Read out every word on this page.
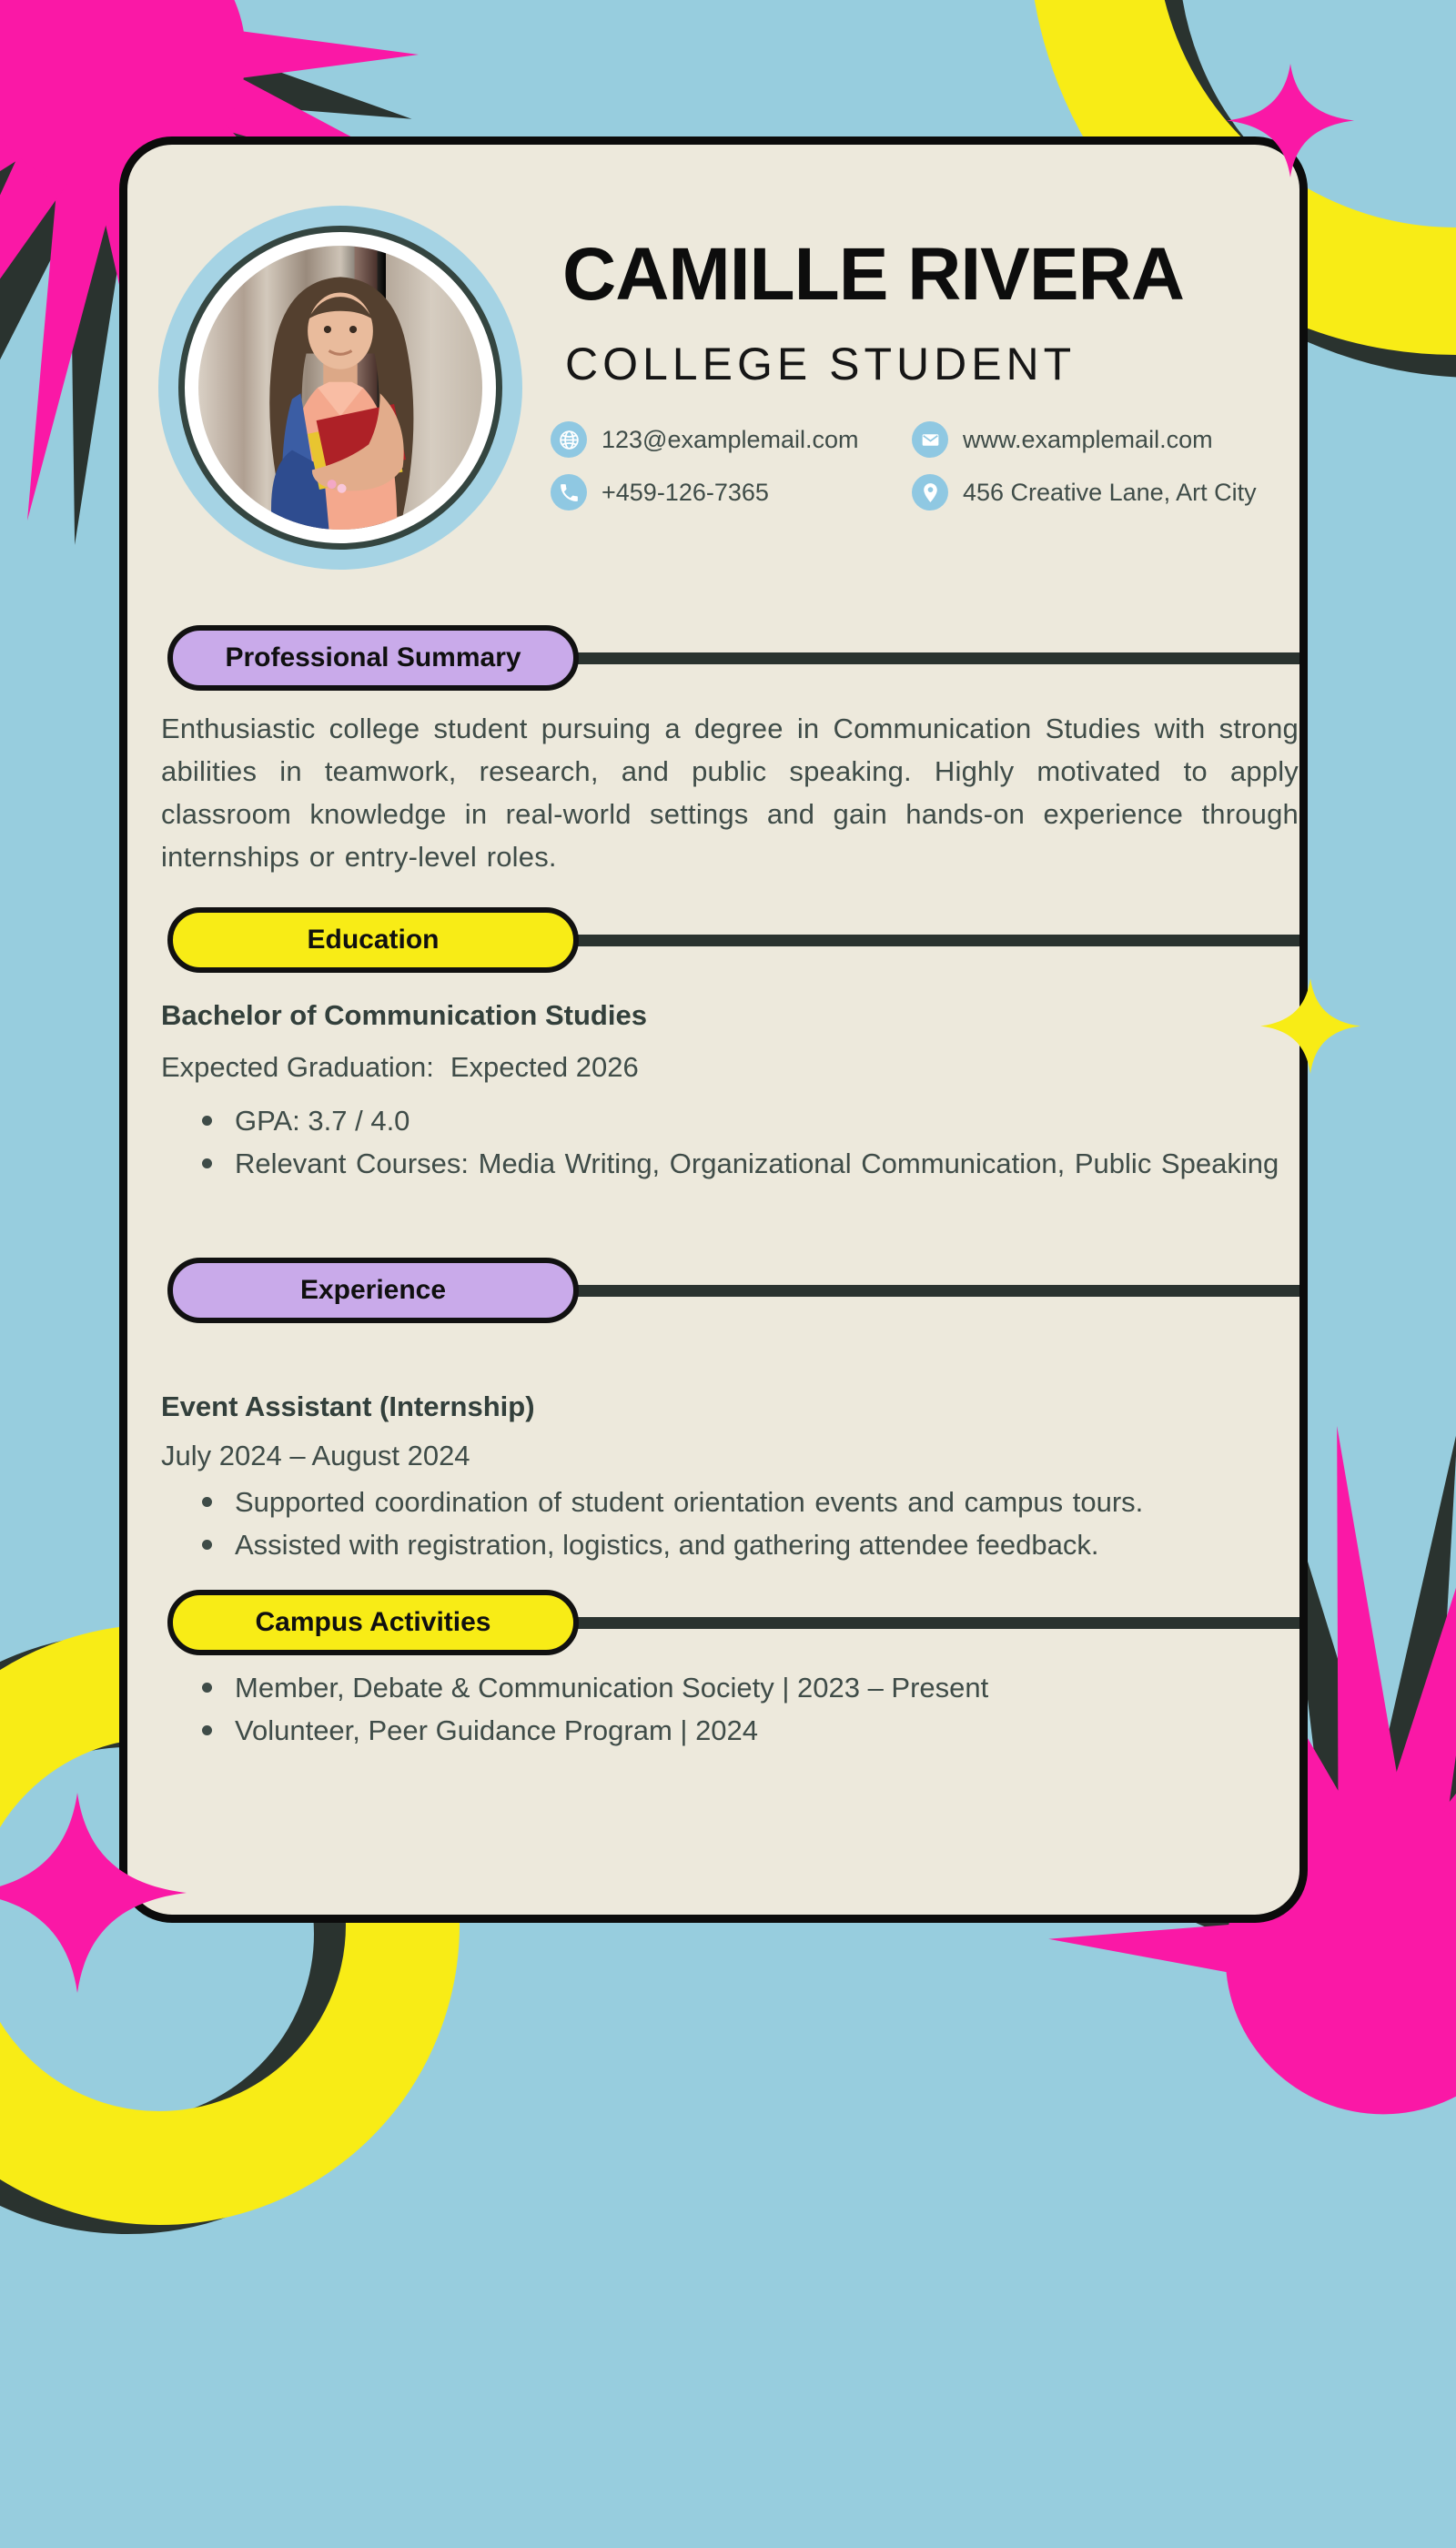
CAMILLE RIVERA
COLLEGE STUDENT
123@examplemail.com	www.examplemail.com
+459-126-7365	456 Creative Lane, Art City
Professional Summary
Enthusiastic college student pursuing a degree in Communication Studies with strong abilities in teamwork, research, and public speaking. Highly motivated to apply classroom knowledge in real-world settings and gain hands-on experience through internships or entry-level roles.
Education
Bachelor of Communication Studies
Expected Graduation: Expected 2026
GPA: 3.7 / 4.0
Relevant Courses: Media Writing, Organizational Communication, Public Speaking
Experience
Event Assistant (Internship)
July 2024 – August 2024
Supported coordination of student orientation events and campus tours.
Assisted with registration, logistics, and gathering attendee feedback.
Campus Activities
Member, Debate & Communication Society | 2023 – Present
Volunteer, Peer Guidance Program | 2024
